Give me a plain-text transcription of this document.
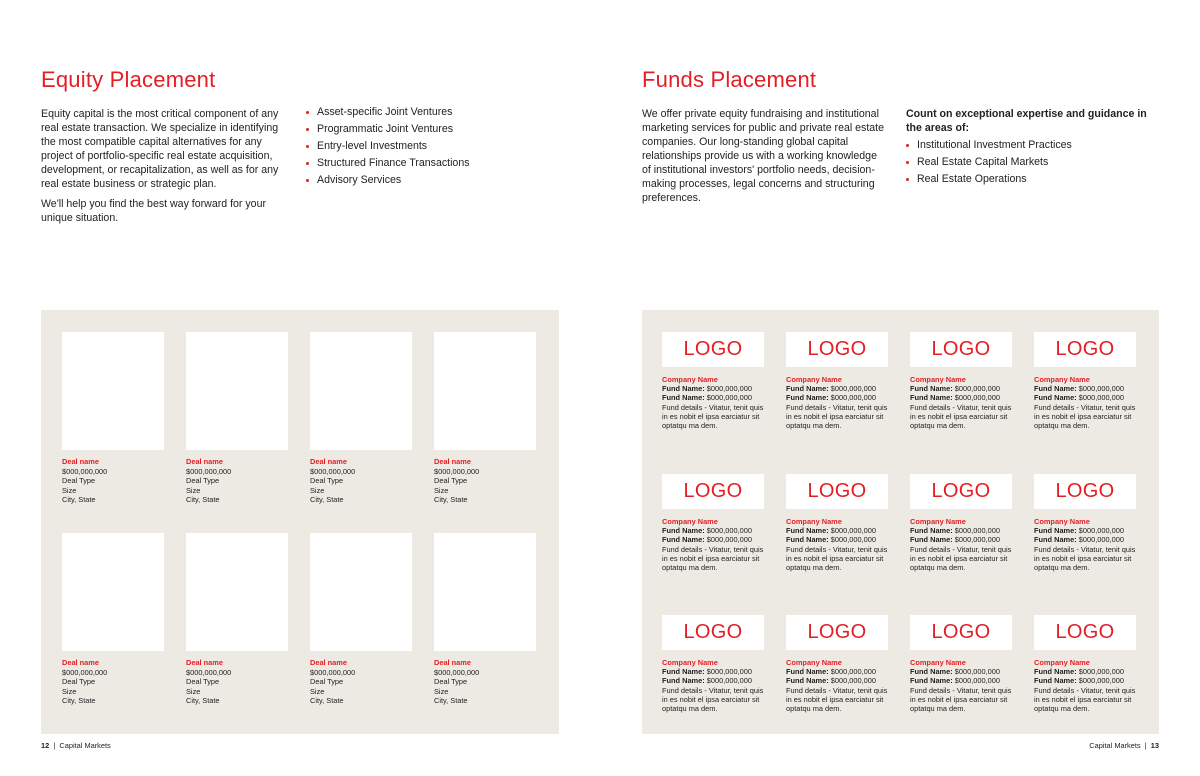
Equity Placement

Equity capital is the most critical component of any real estate transaction. We specialize in identifying the most compatible capital alternatives for any project of portfolio-specific real estate acquisition, development, or recapitalization, as well as for any real estate business or strategic plan.

We'll help you find the best way forward for your unique situation.

Asset-specific Joint Ventures
Programmatic Joint Ventures
Entry-level Investments
Structured Finance Transactions
Advisory Services
Deal name
$000,000,000
Deal Type
Size
City, State
Deal name
$000,000,000
Deal Type
Size
City, State
Deal name
$000,000,000
Deal Type
Size
City, State
Deal name
$000,000,000
Deal Type
Size
City, State
Deal name
$000,000,000
Deal Type
Size
City, State
Deal name
$000,000,000
Deal Type
Size
City, State
Deal name
$000,000,000
Deal Type
Size
City, State
Deal name
$000,000,000
Deal Type
Size
City, State
12  |  Capital Markets
Funds Placement

We offer private equity fundraising and institutional marketing services for public and private real estate companies. Our long-standing global capital relationships provide us with a working knowledge of institutional investors' portfolio needs, decision-making processes, legal concerns and structuring preferences.

Count on exceptional expertise and guidance in the areas of:
Institutional Investment Practices
Real Estate Capital Markets
Real Estate Operations
LOGO
Company Name
Fund Name: $000,000,000
Fund Name: $000,000,000
Fund details - Vitatur, tenit quis in es nobit el ipsa earciatur sit optatqu ma dem.
LOGO
Company Name
Fund Name: $000,000,000
Fund Name: $000,000,000
Fund details - Vitatur, tenit quis in es nobit el ipsa earciatur sit optatqu ma dem.
LOGO
Company Name
Fund Name: $000,000,000
Fund Name: $000,000,000
Fund details - Vitatur, tenit quis in es nobit el ipsa earciatur sit optatqu ma dem.
LOGO
Company Name
Fund Name: $000,000,000
Fund Name: $000,000,000
Fund details - Vitatur, tenit quis in es nobit el ipsa earciatur sit optatqu ma dem.
LOGO
Company Name
Fund Name: $000,000,000
Fund Name: $000,000,000
Fund details - Vitatur, tenit quis in es nobit el ipsa earciatur sit optatqu ma dem.
LOGO
Company Name
Fund Name: $000,000,000
Fund Name: $000,000,000
Fund details - Vitatur, tenit quis in es nobit el ipsa earciatur sit optatqu ma dem.
LOGO
Company Name
Fund Name: $000,000,000
Fund Name: $000,000,000
Fund details - Vitatur, tenit quis in es nobit el ipsa earciatur sit optatqu ma dem.
LOGO
Company Name
Fund Name: $000,000,000
Fund Name: $000,000,000
Fund details - Vitatur, tenit quis in es nobit el ipsa earciatur sit optatqu ma dem.
LOGO
Company Name
Fund Name: $000,000,000
Fund Name: $000,000,000
Fund details - Vitatur, tenit quis in es nobit el ipsa earciatur sit optatqu ma dem.
LOGO
Company Name
Fund Name: $000,000,000
Fund Name: $000,000,000
Fund details - Vitatur, tenit quis in es nobit el ipsa earciatur sit optatqu ma dem.
LOGO
Company Name
Fund Name: $000,000,000
Fund Name: $000,000,000
Fund details - Vitatur, tenit quis in es nobit el ipsa earciatur sit optatqu ma dem.
LOGO
Company Name
Fund Name: $000,000,000
Fund Name: $000,000,000
Fund details - Vitatur, tenit quis in es nobit el ipsa earciatur sit optatqu ma dem.
Capital Markets  |  13
